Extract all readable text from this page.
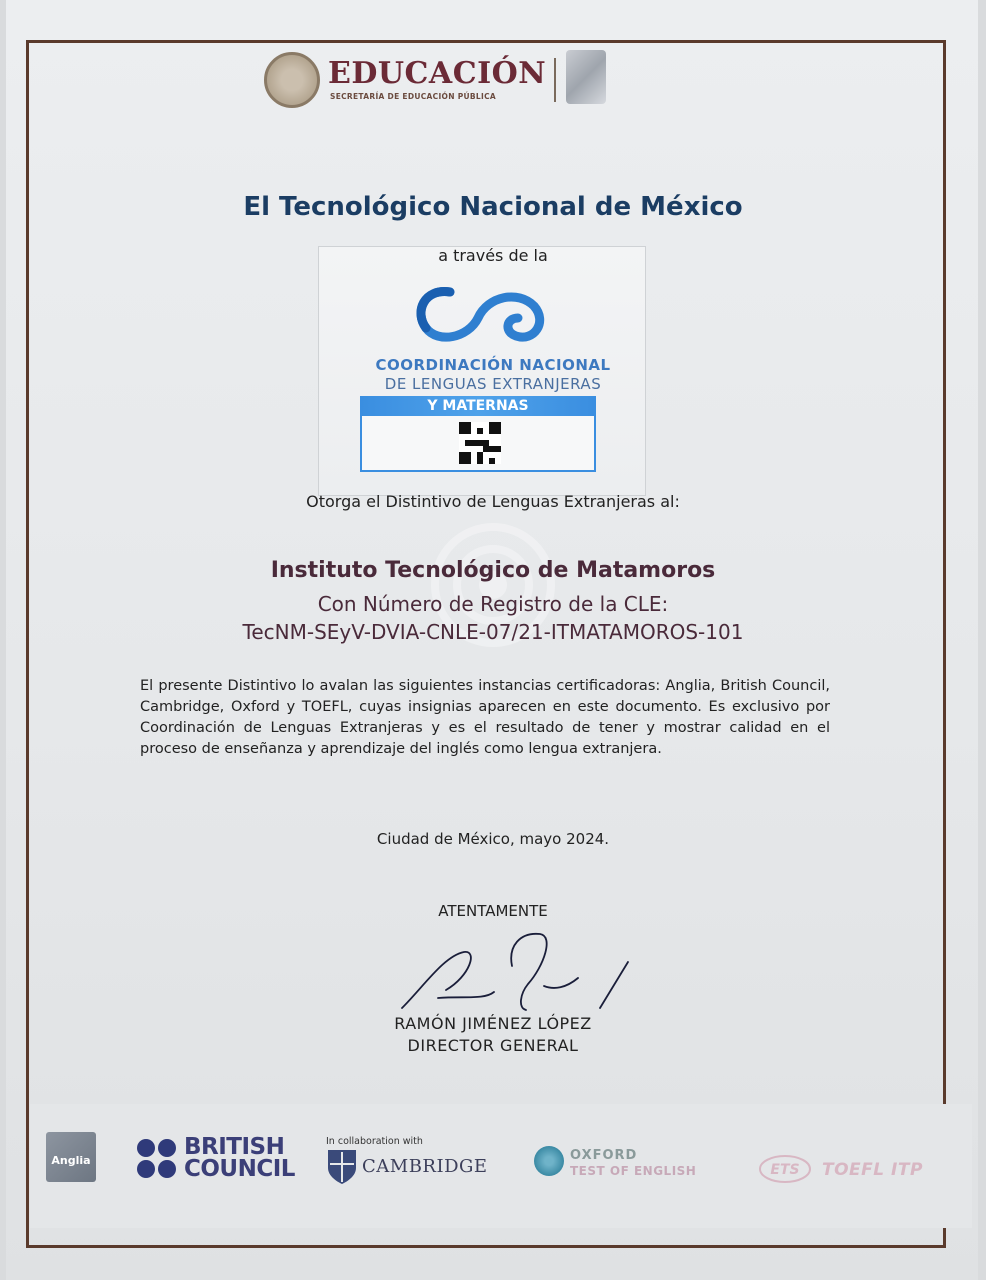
EDUCACIÓN
SECRETARÍA DE EDUCACIÓN PÚBLICA
El Tecnológico Nacional de México
a través de la
COORDINACIÓN NACIONAL
DE LENGUAS EXTRANJERAS
Y MATERNAS
Otorga el Distintivo de Lenguas Extranjeras al:
Instituto Tecnológico de Matamoros
Con Número de Registro de la CLE:
TecNM-SEyV-DVIA-CNLE-07/21-ITMATAMOROS-101
El presente Distintivo lo avalan las siguientes instancias certificadoras: Anglia, British Council, Cambridge, Oxford y TOEFL, cuyas insignias aparecen en este documento. Es exclusivo por Coordinación de Lenguas Extranjeras y es el resultado de tener y mostrar calidad en el proceso de enseñanza y aprendizaje del inglés como lengua extranjera.
Ciudad de México, mayo 2024.
ATENTAMENTE
RAMÓN JIMÉNEZ LÓPEZ
DIRECTOR GENERAL
Anglia
BRITISH
COUNCIL
In collaboration with
CAMBRIDGE
OXFORD
TEST OF ENGLISH	ETS TOEFL ITP
